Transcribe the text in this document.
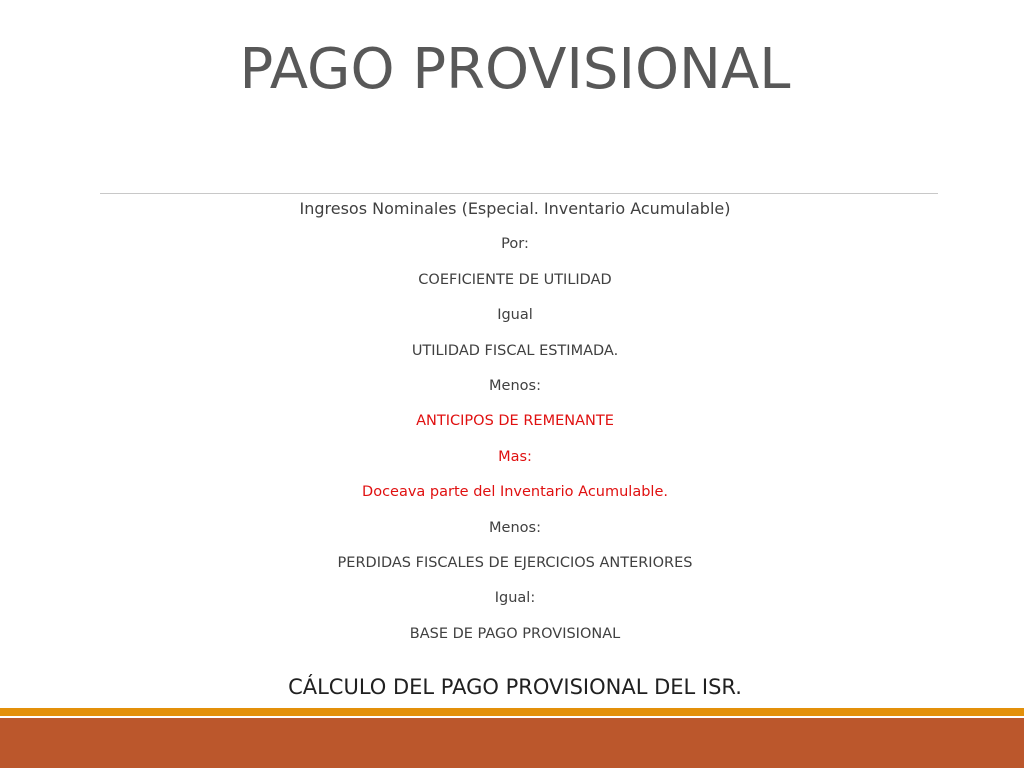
PAGO PROVISIONAL
Ingresos Nominales (Especial. Inventario Acumulable)
Por:
COEFICIENTE DE UTILIDAD
Igual
UTILIDAD FISCAL ESTIMADA.
Menos:
ANTICIPOS DE REMENANTE
Mas:
Doceava parte del Inventario Acumulable.
Menos:
PERDIDAS FISCALES DE EJERCICIOS ANTERIORES
Igual:
BASE DE PAGO PROVISIONAL
CÁLCULO DEL PAGO PROVISIONAL DEL ISR.
